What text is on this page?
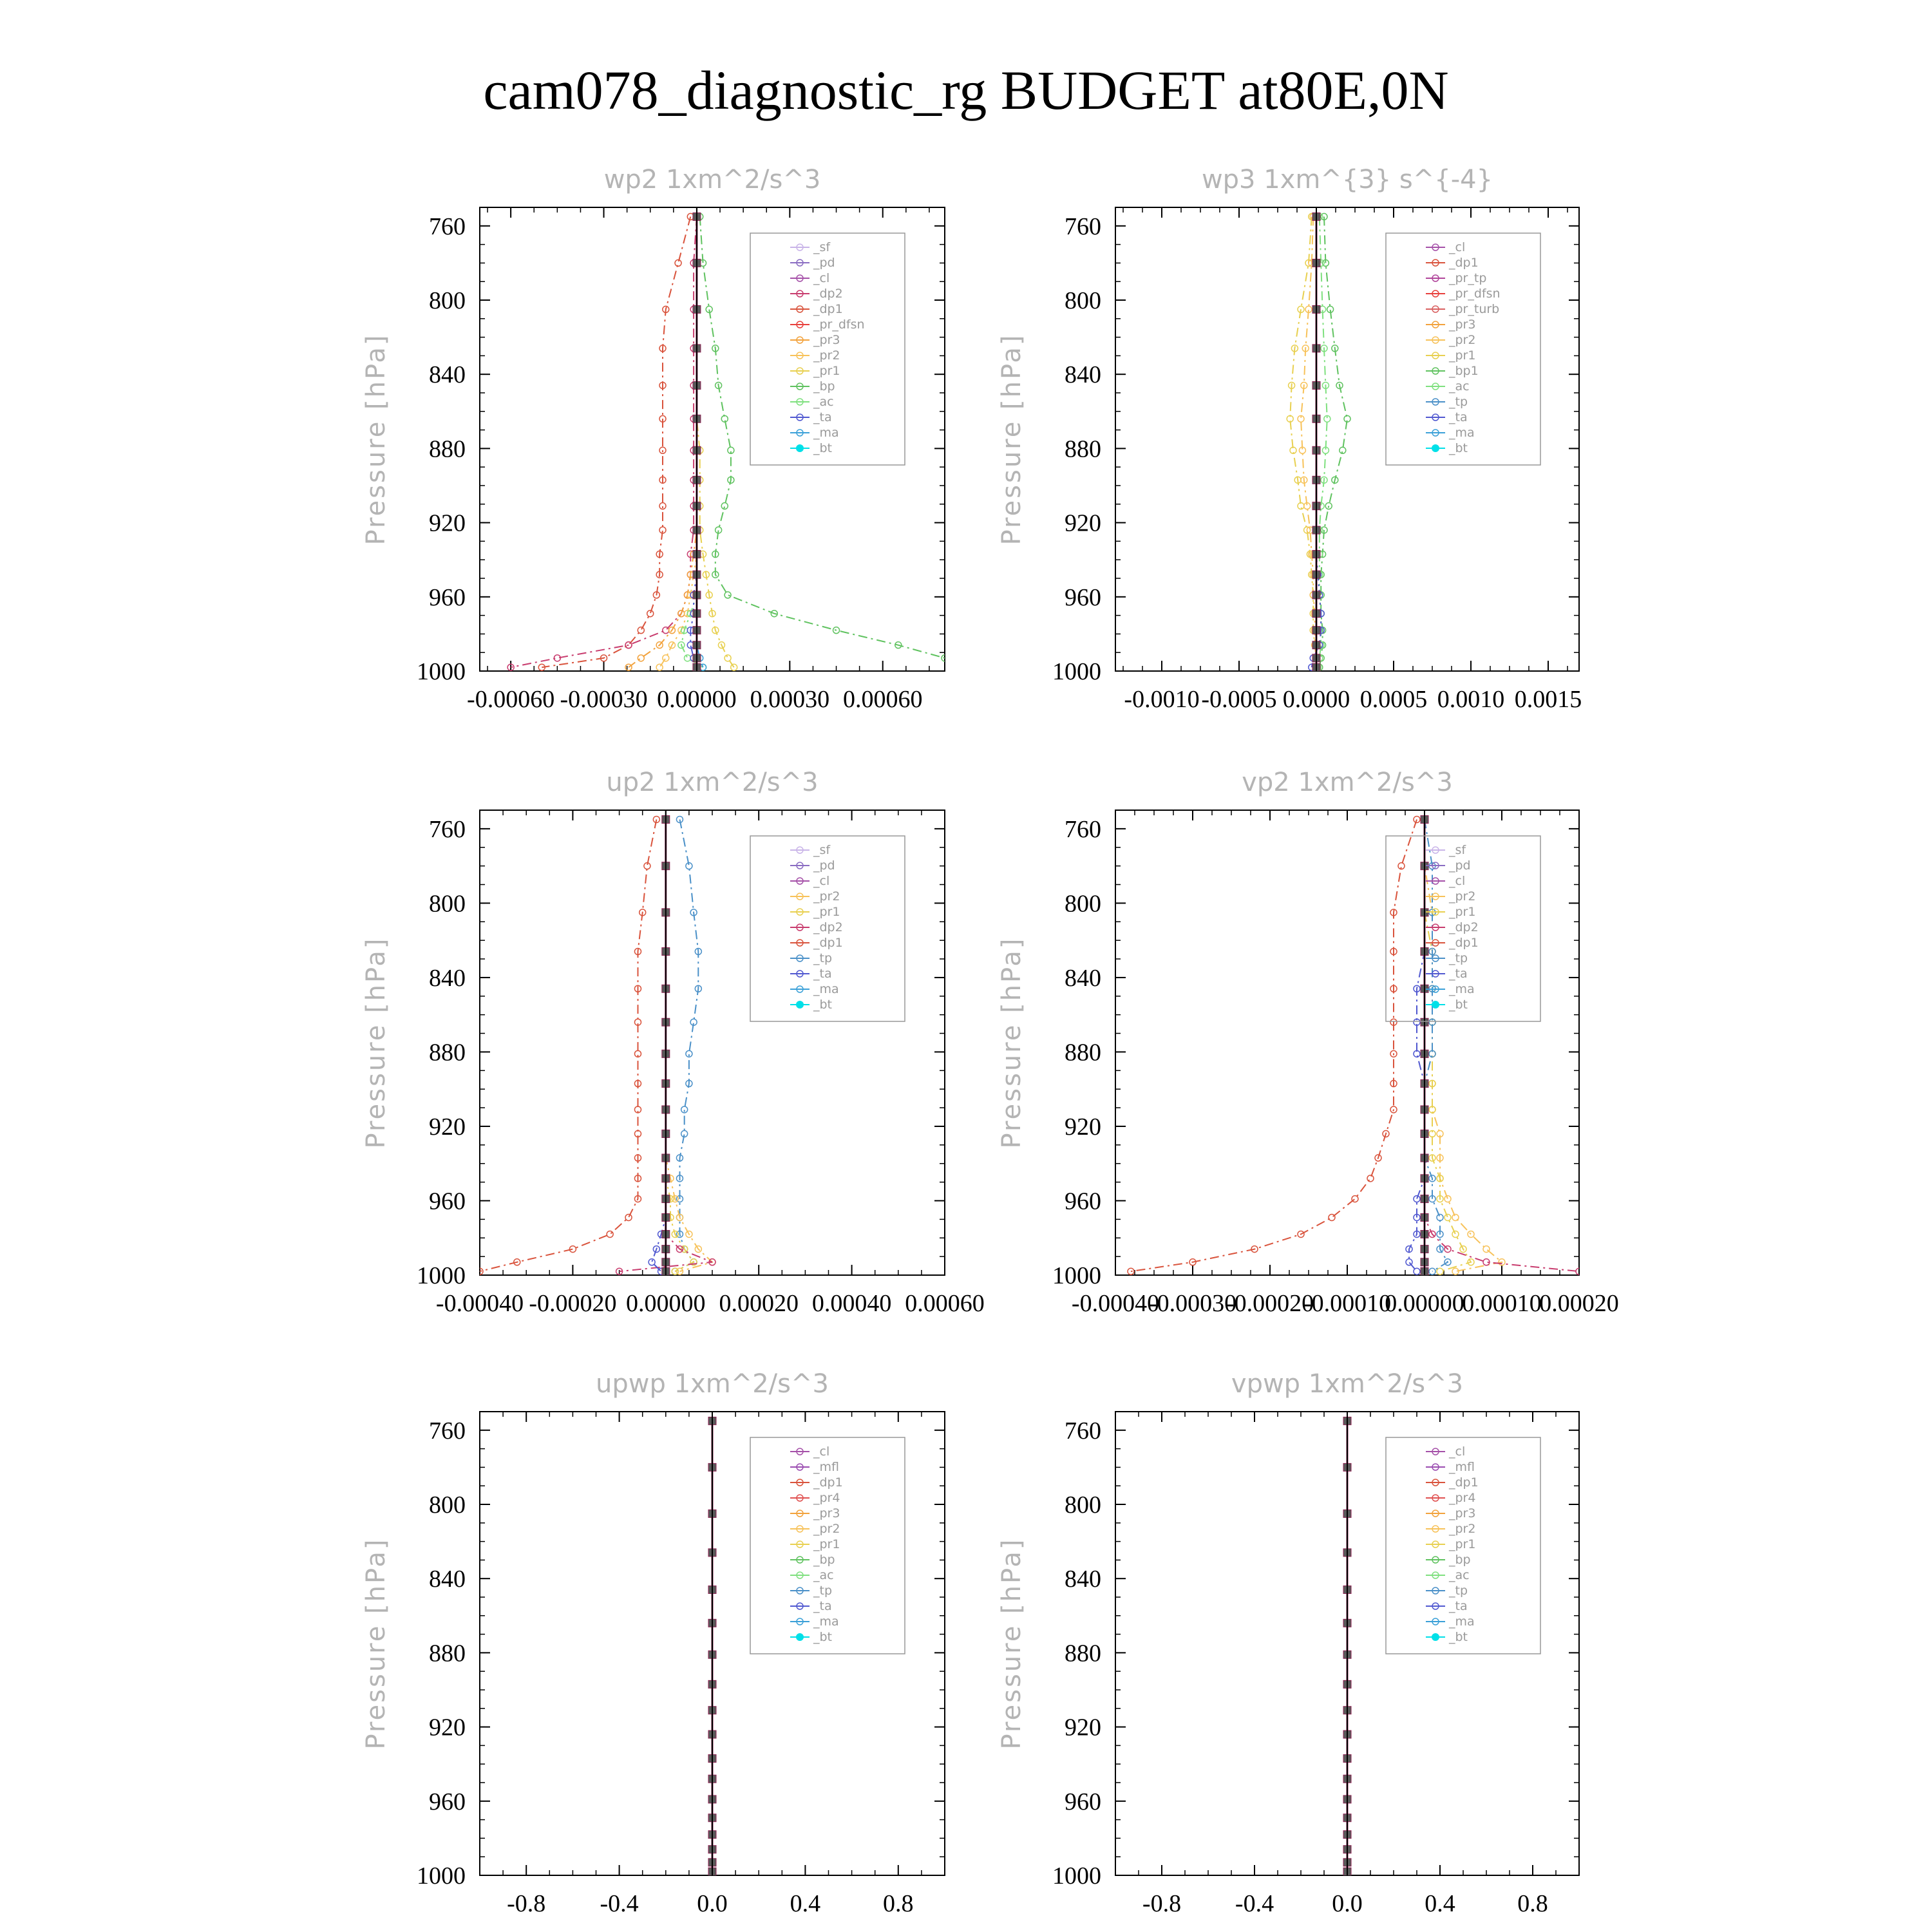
cam078_diagnostic_rg BUDGET at80E,0N
wp2 1xm^2/s^3
Pressure [hPa]
760
800
840
880
920
960
1000
-0.00060 -0.00030 0.00000 0.00030 0.00060
_sf
_pd
_cl
_dp2
_dp1
_pr_dfsn
_pr3
_pr2
_pr1
_bp
_ac
_ta
_ma
_bt
wp3 1xm^{3} s^{-4}
Pressure [hPa]
760
800
840
880
920
960
1000
-0.0010 -0.0005 0.0000 0.0005 0.0010 0.0015
_cl
_dp1
_pr_tp
_pr_dfsn
_pr_turb
_pr3
_pr2
_pr1
_bp1
_ac
_tp
_ta
_ma
_bt
up2 1xm^2/s^3
Pressure [hPa]
760
800
840
880
920
960
1000
-0.00040 -0.00020 0.00000 0.00020 0.00040 0.00060
_sf
_pd
_cl
_pr2
_pr1
_dp2
_dp1
_tp
_ta
_ma
_bt
vp2 1xm^2/s^3
Pressure [hPa]
760
800
840
880
920
960
1000
-0.00040
-0.00030
-0.00020
-0.00010
0.00000
0.00010
0.00020
_sf
_pd
_cl
_pr2
_pr1
_dp2
_dp1
_tp
_ta
_ma
_bt
upwp 1xm^2/s^3
Pressure [hPa]
760
800
840
880
920
960
1000
-0.8 -0.4 0.0	0.4	0.8
_cl
_mfl
_dp1
_pr4
_pr3
_pr2
_pr1
_bp
_ac
_tp
_ta
_ma
_bt
vpwp 1xm^2/s^3
Pressure [hPa]
760
800
840
880
920
960
1000
-0.8 -0.4 0.0	0.4	0.8
_cl
_mfl
_dp1
_pr4
_pr3
_pr2
_pr1
_bp
_ac
_tp
_ta
_ma
_bt
